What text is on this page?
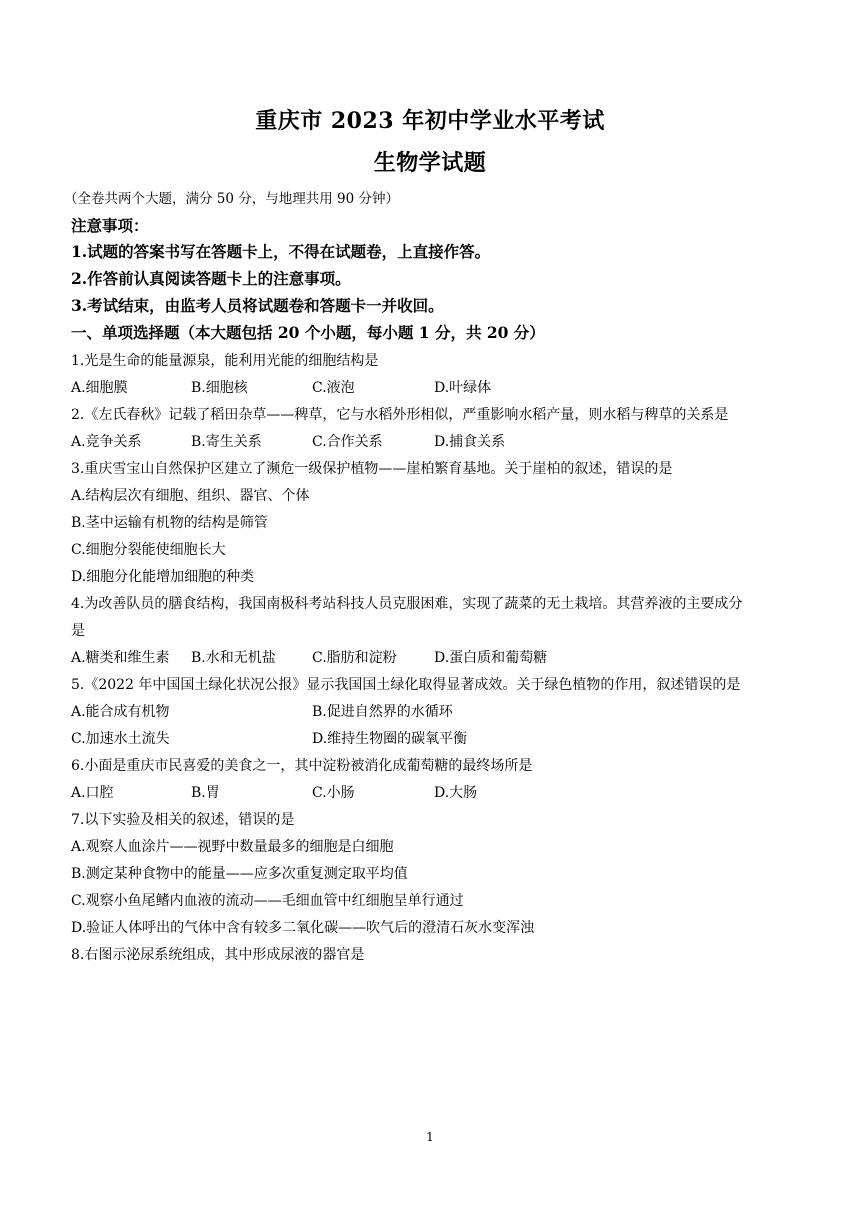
重庆市 2023 年初中学业水平考试
生物学试题
（全卷共两个大题，满分 50 分，与地理共用 90 分钟）
注意事项：
1.试题的答案书写在答题卡上，不得在试题卷，上直接作答。
2.作答前认真阅读答题卡上的注意事项。
3.考试结束，由监考人员将试题卷和答题卡一并收回。
一、单项选择题（本大题包括 20 个小题，每小题 1 分，共 20 分）
1.光是生命的能量源泉，能利用光能的细胞结构是
A.细胞膜	B.细胞核	C.液泡	D.叶绿体
2.《左氏春秋》记载了稻田杂草——稗草，它与水稻外形相似，严重影响水稻产量，则水稻与稗草的关系是
A.竞争关系	B.寄生关系	C.合作关系	D.捕食关系
3.重庆雪宝山自然保护区建立了濒危一级保护植物——崖柏繁育基地。关于崖柏的叙述，错误的是
A.结构层次有细胞、组织、器官、个体
B.茎中运输有机物的结构是筛管
C.细胞分裂能使细胞长大
D.细胞分化能增加细胞的种类
4.为改善队员的膳食结构，我国南极科考站科技人员克服困难，实现了蔬菜的无土栽培。其营养液的主要成分
是
A.糖类和维生素 B.水和无机盐	C.脂肪和淀粉	D.蛋白质和葡萄糖
5.《2022 年中国国土绿化状况公报》显示我国国土绿化取得显著成效。关于绿色植物的作用，叙述错误的是
A.能合成有机物	B.促进自然界的水循环
C.加速水土流失	D.维持生物圈的碳氧平衡
6.小面是重庆市民喜爱的美食之一，其中淀粉被消化成葡萄糖的最终场所是
A.口腔	B.胃	C.小肠	D.大肠
7.以下实验及相关的叙述，错误的是
A.观察人血涂片——视野中数量最多的细胞是白细胞
B.测定某种食物中的能量——应多次重复测定取平均值
C.观察小鱼尾鳍内血液的流动——毛细血管中红细胞呈单行通过
D.验证人体呼出的气体中含有较多二氧化碳——吹气后的澄清石灰水变浑浊
8.右图示泌尿系统组成，其中形成尿液的器官是
1
